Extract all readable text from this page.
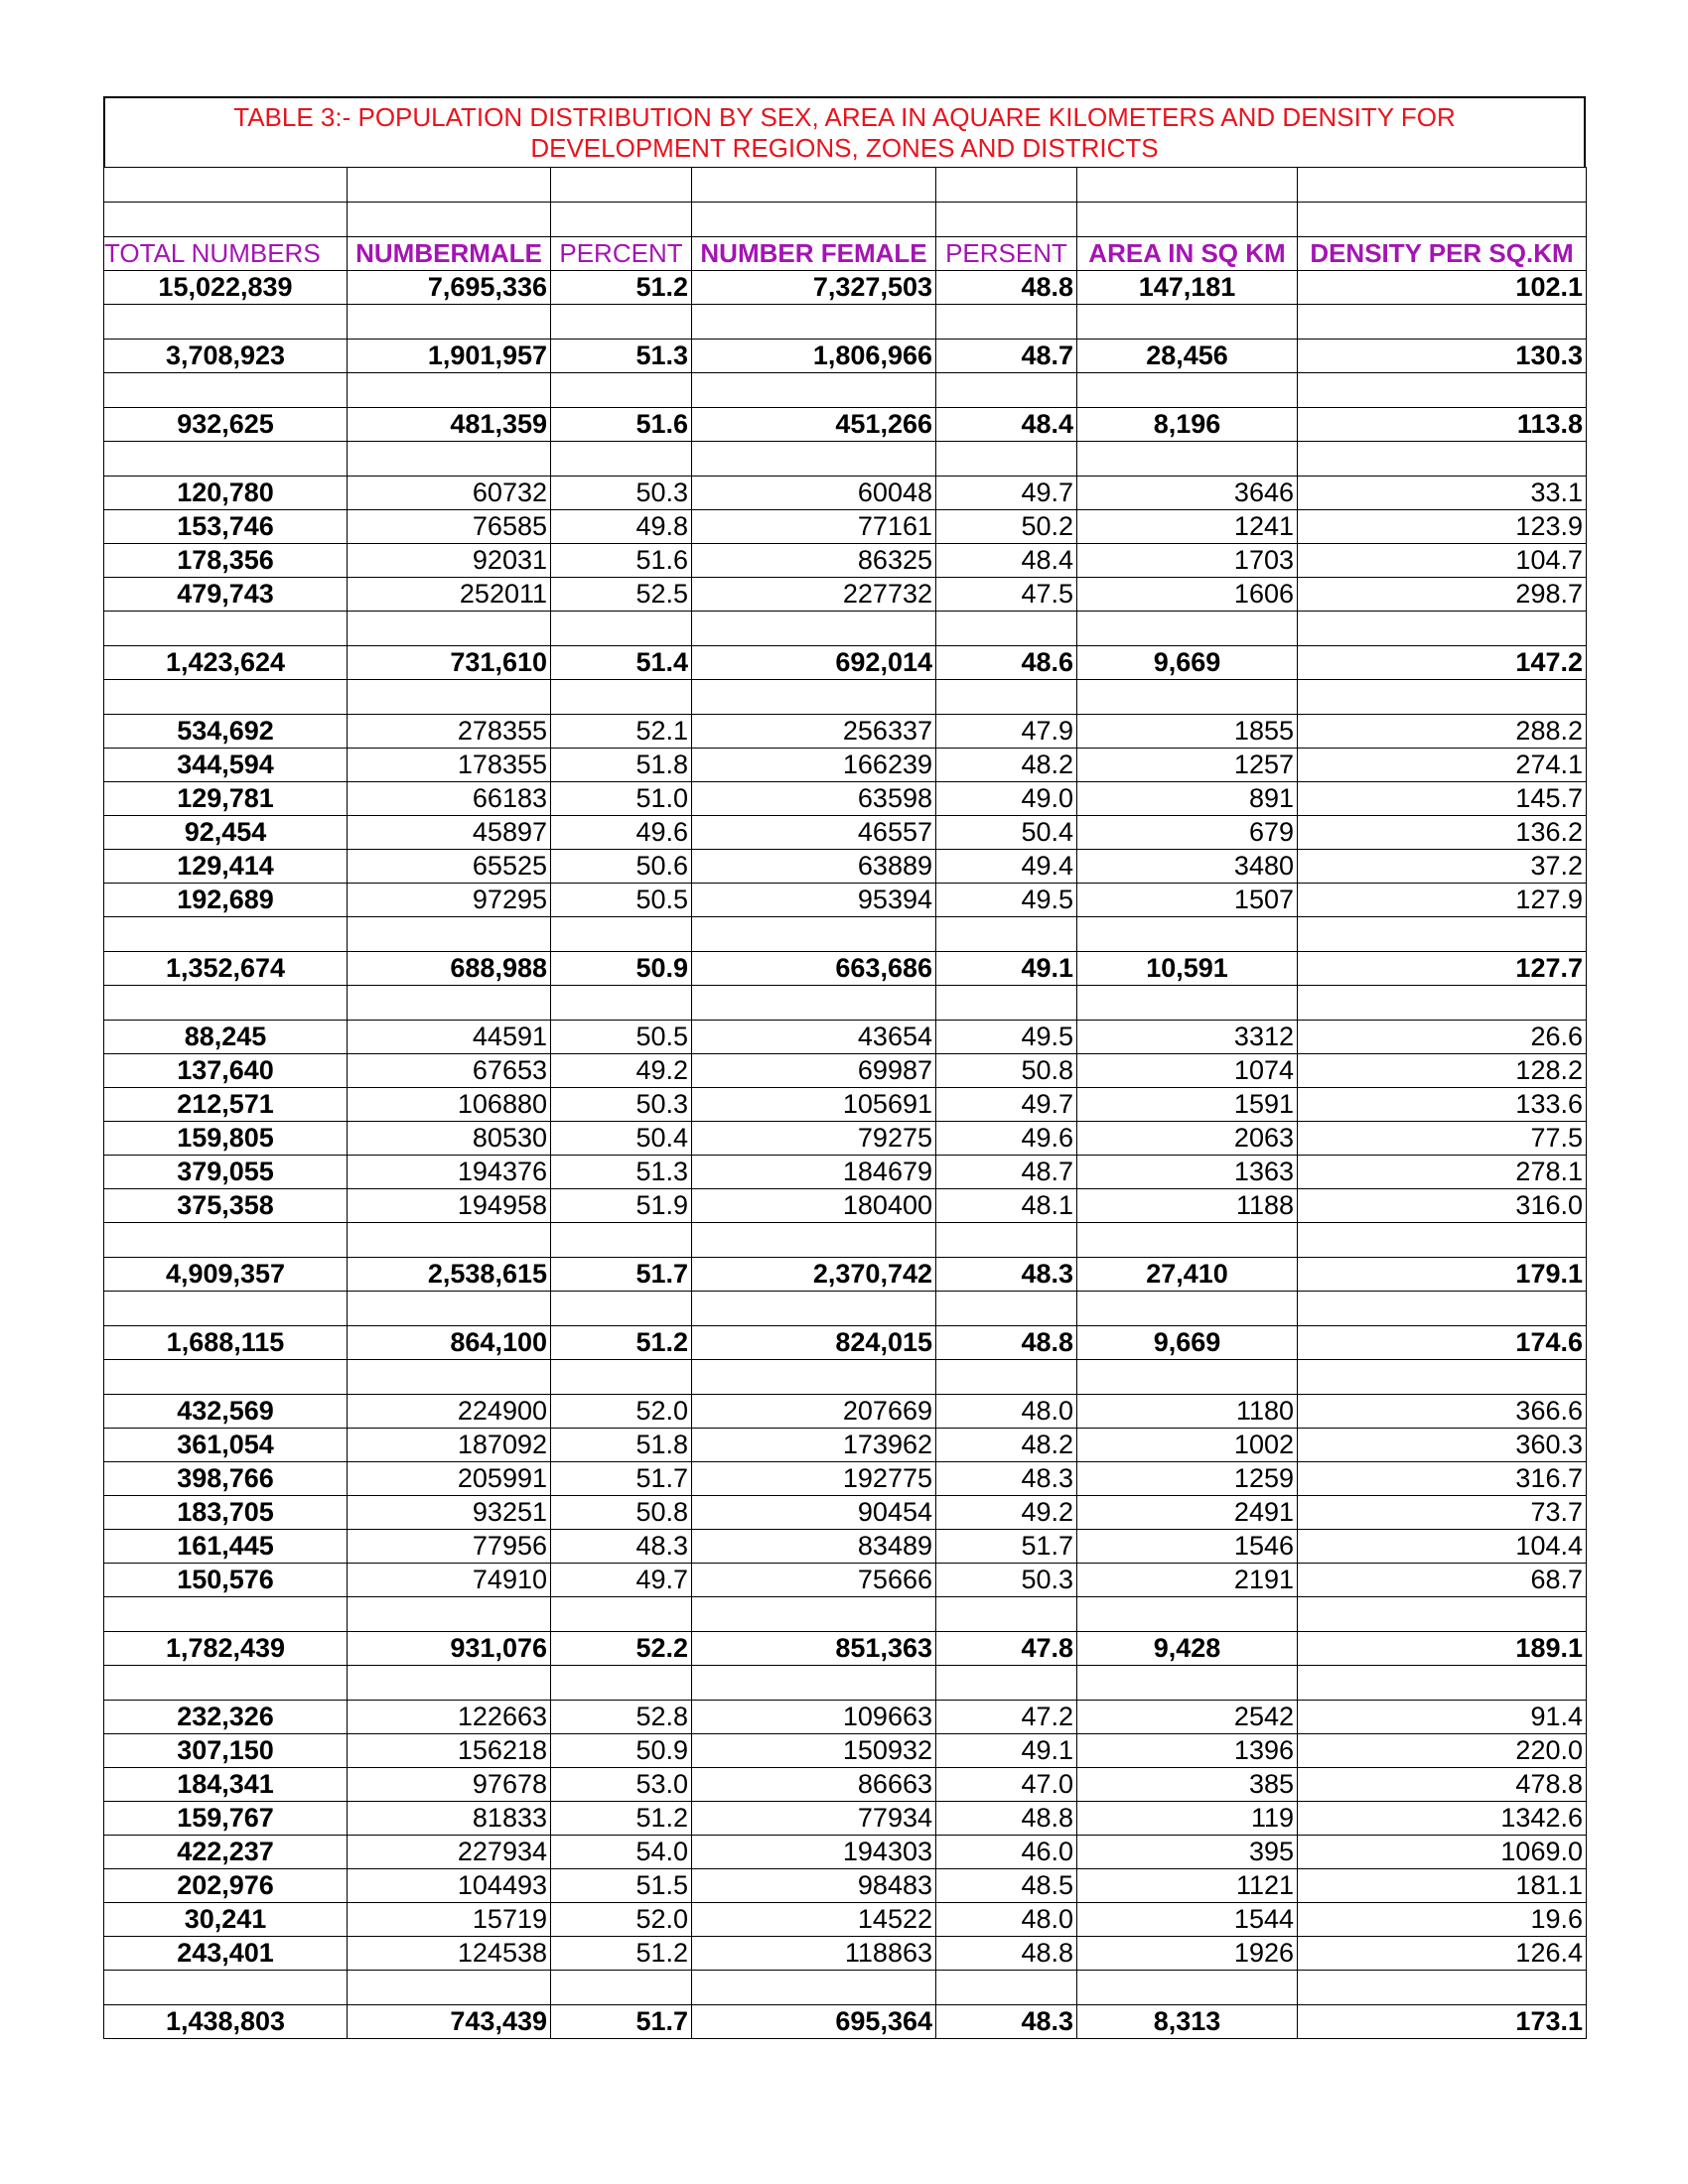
TABLE 3:- POPULATION DISTRIBUTION BY SEX, AREA IN AQUARE KILOMETERS AND DENSITY FOR
DEVELOPMENT REGIONS, ZONES AND DISTRICTS

TOTAL NUMBERS	NUMBERMALE	PERCENT	NUMBER FEMALE	PERSENT	AREA IN SQ KM	DENSITY PER SQ.KM
15,022,839	7,695,336	51.2	7,327,503	48.8	147,181	102.1

3,708,923	1,901,957	51.3	1,806,966	48.7	28,456	130.3

932,625	481,359	51.6	451,266	48.4	8,196	113.8

120,780	60732	50.3	60048	49.7	3646	33.1
153,746	76585	49.8	77161	50.2	1241	123.9
178,356	92031	51.6	86325	48.4	1703	104.7
479,743	252011	52.5	227732	47.5	1606	298.7

1,423,624	731,610	51.4	692,014	48.6	9,669	147.2

534,692	278355	52.1	256337	47.9	1855	288.2
344,594	178355	51.8	166239	48.2	1257	274.1
129,781	66183	51.0	63598	49.0	891	145.7
92,454	45897	49.6	46557	50.4	679	136.2
129,414	65525	50.6	63889	49.4	3480	37.2
192,689	97295	50.5	95394	49.5	1507	127.9

1,352,674	688,988	50.9	663,686	49.1	10,591	127.7

88,245	44591	50.5	43654	49.5	3312	26.6
137,640	67653	49.2	69987	50.8	1074	128.2
212,571	106880	50.3	105691	49.7	1591	133.6
159,805	80530	50.4	79275	49.6	2063	77.5
379,055	194376	51.3	184679	48.7	1363	278.1
375,358	194958	51.9	180400	48.1	1188	316.0

4,909,357	2,538,615	51.7	2,370,742	48.3	27,410	179.1

1,688,115	864,100	51.2	824,015	48.8	9,669	174.6

432,569	224900	52.0	207669	48.0	1180	366.6
361,054	187092	51.8	173962	48.2	1002	360.3
398,766	205991	51.7	192775	48.3	1259	316.7
183,705	93251	50.8	90454	49.2	2491	73.7
161,445	77956	48.3	83489	51.7	1546	104.4
150,576	74910	49.7	75666	50.3	2191	68.7

1,782,439	931,076	52.2	851,363	47.8	9,428	189.1

232,326	122663	52.8	109663	47.2	2542	91.4
307,150	156218	50.9	150932	49.1	1396	220.0
184,341	97678	53.0	86663	47.0	385	478.8
159,767	81833	51.2	77934	48.8	119	1342.6
422,237	227934	54.0	194303	46.0	395	1069.0
202,976	104493	51.5	98483	48.5	1121	181.1
30,241	15719	52.0	14522	48.0	1544	19.6
243,401	124538	51.2	118863	48.8	1926	126.4

1,438,803	743,439	51.7	695,364	48.3	8,313	173.1
